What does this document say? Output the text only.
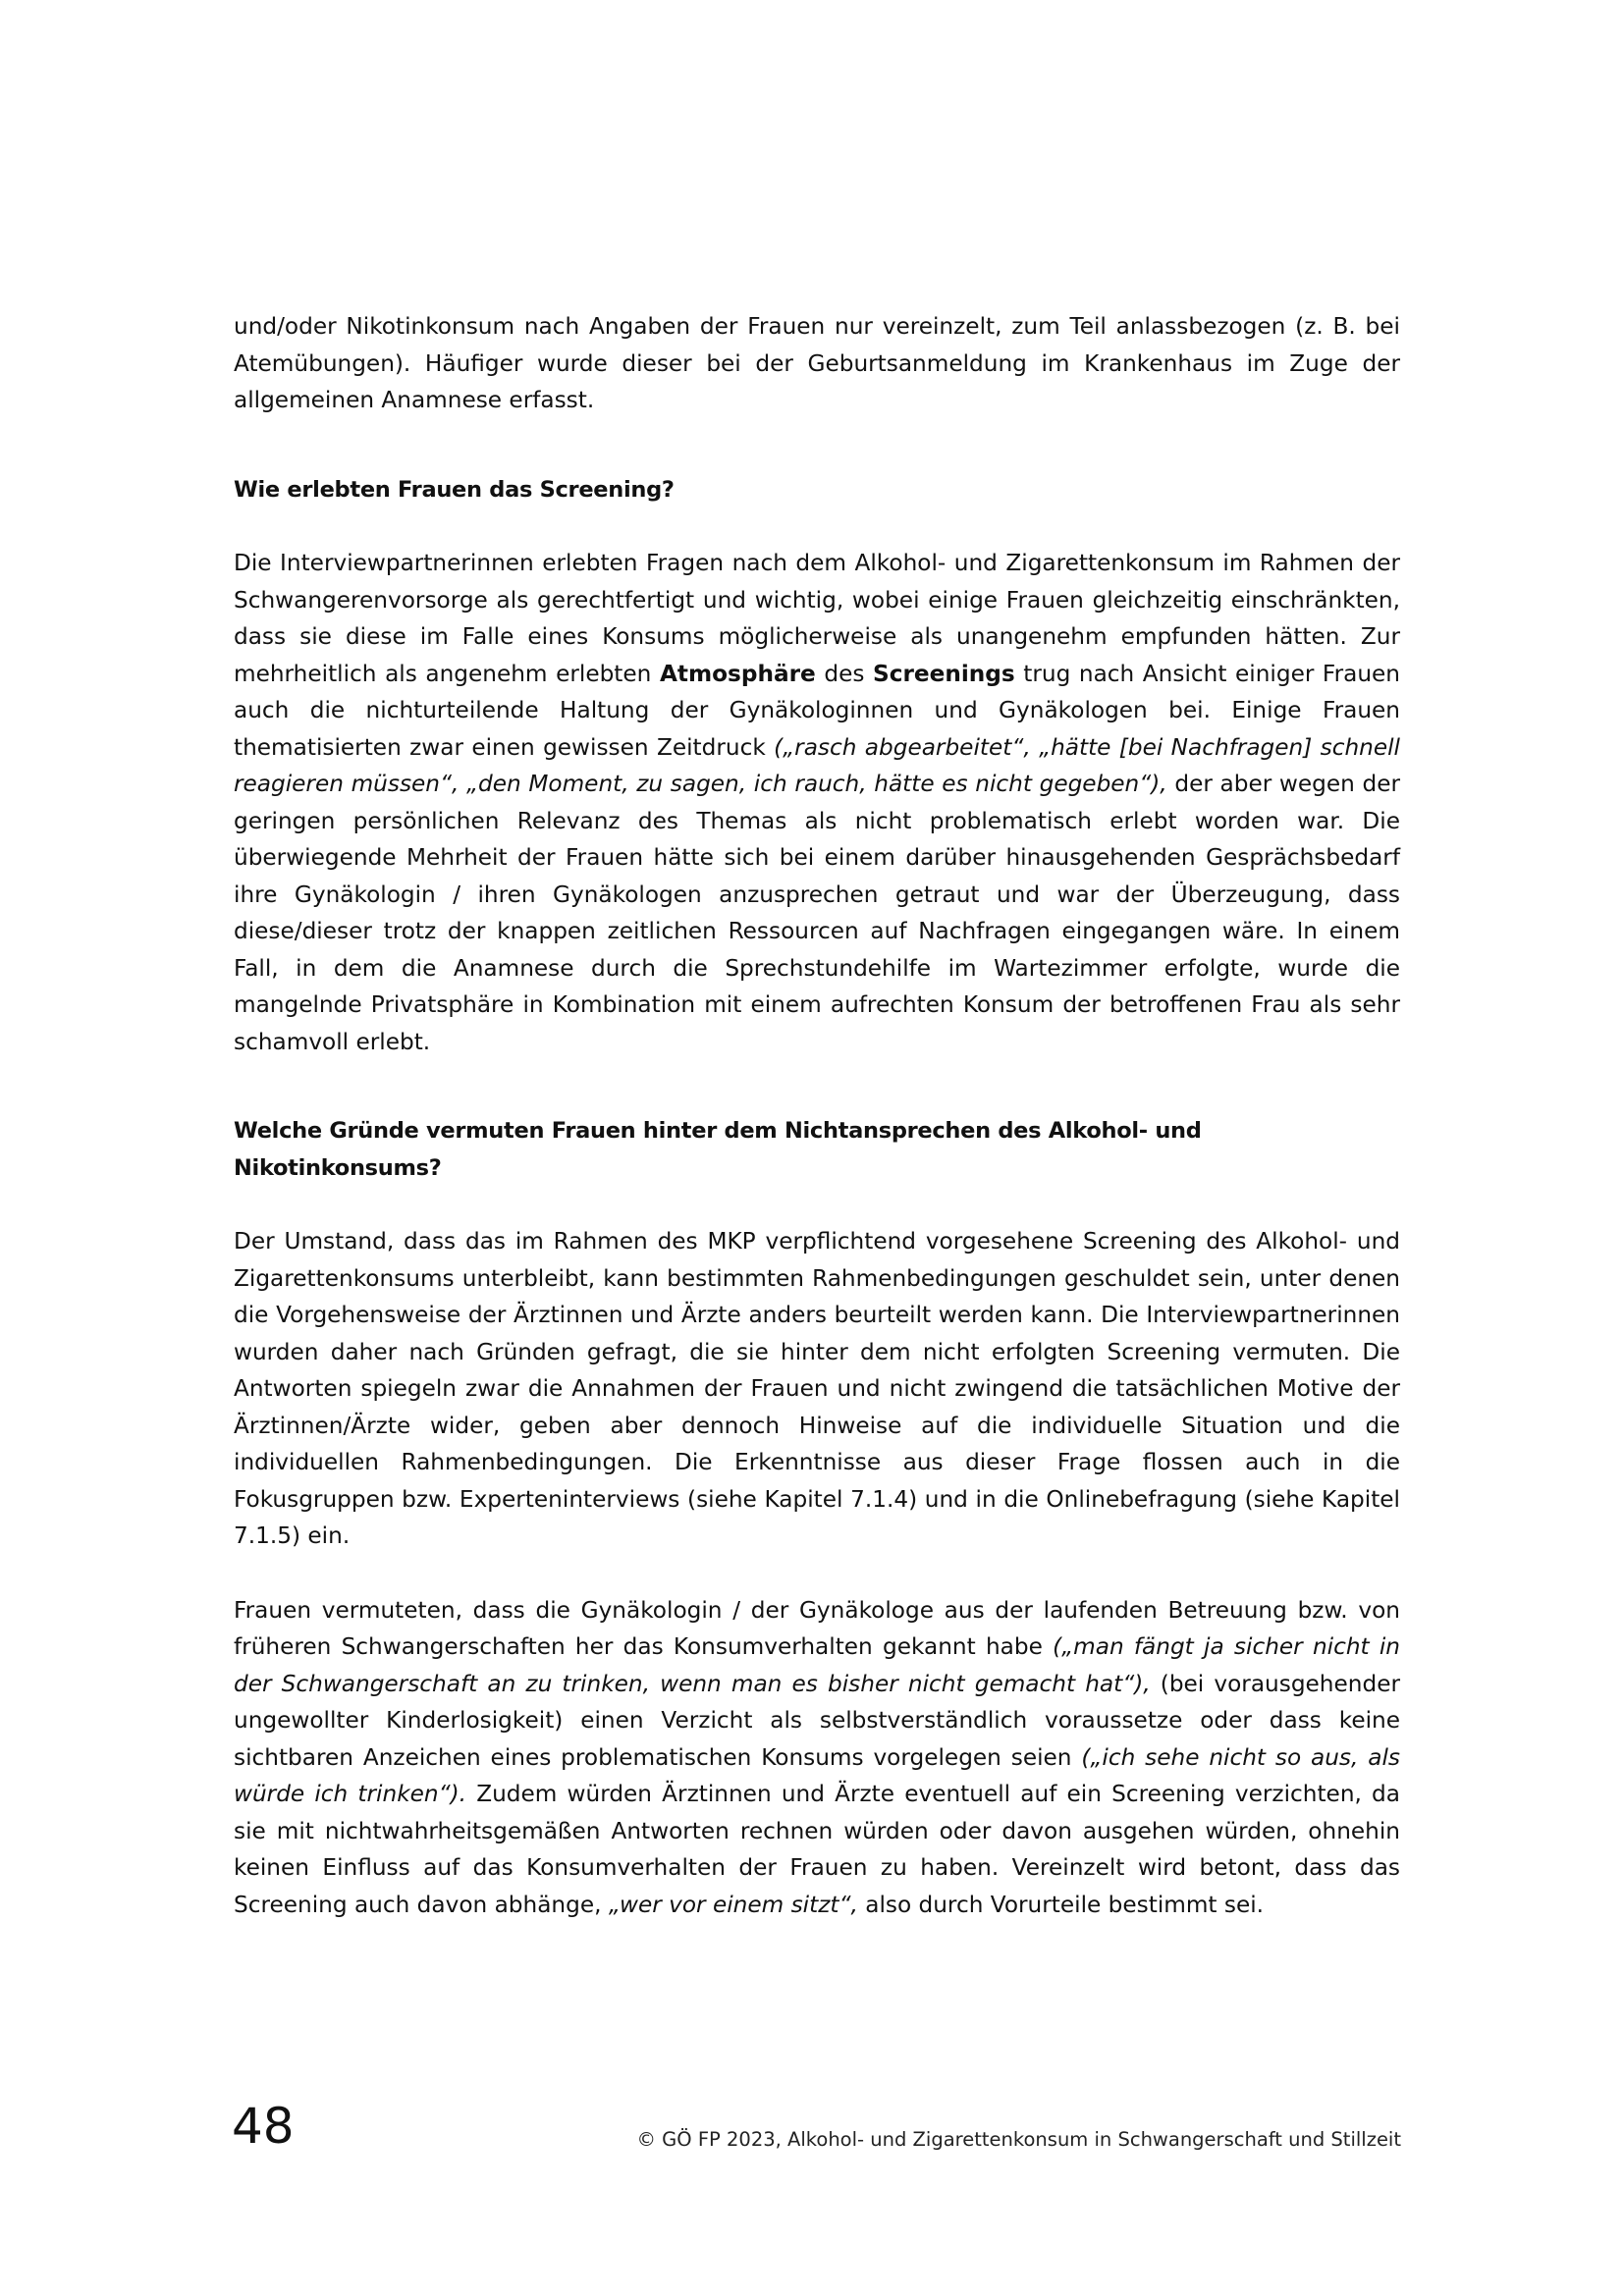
und/oder Nikotinkonsum nach Angaben der Frauen nur vereinzelt, zum Teil anlassbezogen (z. B. bei Atemübungen). Häufiger wurde dieser bei der Geburtsanmeldung im Krankenhaus im Zuge der allgemeinen Anamnese erfasst.

Wie erlebten Frauen das Screening?

Die Interviewpartnerinnen erlebten Fragen nach dem Alkohol- und Zigarettenkonsum im Rahmen der Schwangerenvorsorge als gerechtfertigt und wichtig, wobei einige Frauen gleichzeitig einschränkten, dass sie diese im Falle eines Konsums möglicherweise als unangenehm empfunden hätten. Zur mehrheitlich als angenehm erlebten Atmosphäre des Screenings trug nach Ansicht einiger Frauen auch die nichturteilende Haltung der Gynäkologinnen und Gynäkologen bei. Einige Frauen thematisierten zwar einen gewissen Zeitdruck („rasch abgearbeitet“, „hätte [bei Nachfragen] schnell reagieren müssen“, „den Moment, zu sagen, ich rauch, hätte es nicht gegeben“), der aber wegen der geringen persönlichen Relevanz des Themas als nicht problematisch erlebt worden war. Die überwiegende Mehrheit der Frauen hätte sich bei einem darüber hinausgehenden Gesprächsbedarf ihre Gynäkologin / ihren Gynäkologen anzusprechen getraut und war der Überzeugung, dass diese/dieser trotz der knappen zeitlichen Ressourcen auf Nachfragen eingegangen wäre. In einem Fall, in dem die Anamnese durch die Sprechstundehilfe im Wartezimmer erfolgte, wurde die mangelnde Privatsphäre in Kombination mit einem aufrechten Konsum der betroffenen Frau als sehr schamvoll erlebt.

Welche Gründe vermuten Frauen hinter dem Nichtansprechen des Alkohol- und Nikotinkonsums?

Der Umstand, dass das im Rahmen des MKP verpflichtend vorgesehene Screening des Alkohol- und Zigarettenkonsums unterbleibt, kann bestimmten Rahmenbedingungen geschuldet sein, unter denen die Vorgehensweise der Ärztinnen und Ärzte anders beurteilt werden kann. Die Interviewpartnerinnen wurden daher nach Gründen gefragt, die sie hinter dem nicht erfolgten Screening vermuten. Die Antworten spiegeln zwar die Annahmen der Frauen und nicht zwingend die tatsächlichen Motive der Ärztinnen/Ärzte wider, geben aber dennoch Hinweise auf die individuelle Situation und die individuellen Rahmenbedingungen. Die Erkenntnisse aus dieser Frage flossen auch in die Fokusgruppen bzw. Experteninterviews (siehe Kapitel 7.1.4) und in die Onlinebefragung (siehe Kapitel 7.1.5) ein.

Frauen vermuteten, dass die Gynäkologin / der Gynäkologe aus der laufenden Betreuung bzw. von früheren Schwangerschaften her das Konsumverhalten gekannt habe („man fängt ja sicher nicht in der Schwangerschaft an zu trinken, wenn man es bisher nicht gemacht hat“), (bei vorausgehender ungewollter Kinderlosigkeit) einen Verzicht als selbstverständlich voraussetze oder dass keine sichtbaren Anzeichen eines problematischen Konsums vorgelegen seien („ich sehe nicht so aus, als würde ich trinken“). Zudem würden Ärztinnen und Ärzte eventuell auf ein Screening verzichten, da sie mit nichtwahrheitsgemäßen Antworten rechnen würden oder davon ausgehen würden, ohnehin keinen Einfluss auf das Konsumverhalten der Frauen zu haben. Vereinzelt wird betont, dass das Screening auch davon abhänge, „wer vor einem sitzt“, also durch Vorurteile bestimmt sei.

48	© GÖ FP 2023, Alkohol- und Zigarettenkonsum in Schwangerschaft und Stillzeit
